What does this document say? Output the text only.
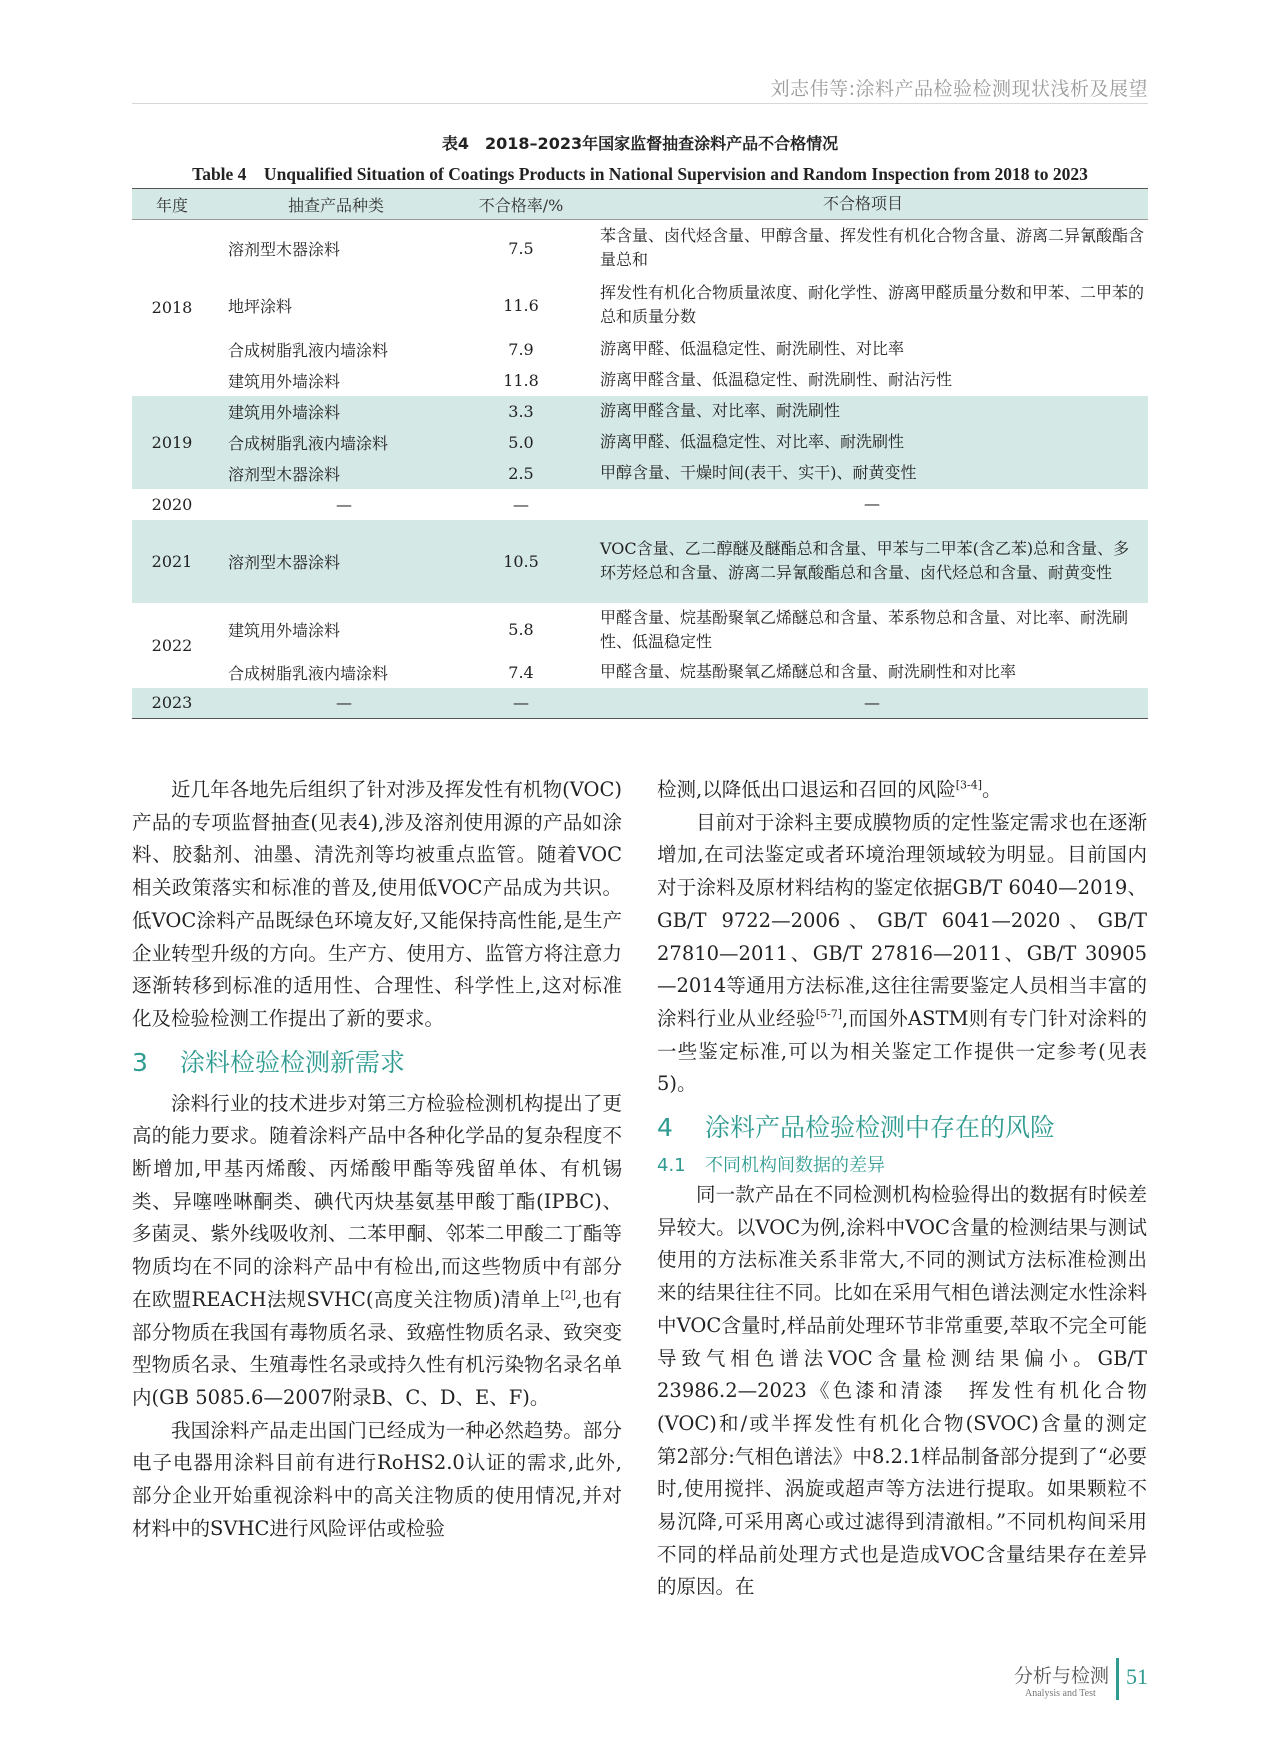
刘志伟等:涂料产品检验检测现状浅析及展望
表4　2018–2023年国家监督抽查涂料产品不合格情况
Table 4　Unqualified Situation of Coatings Products in National Supervision and Random Inspection from 2018 to 2023
年度	抽查产品种类	不合格率/%	不合格项目
2018	溶剂型木器涂料	7.5	苯含量、卤代烃含量、甲醇含量、挥发性有机化合物含量、游离二异氰酸酯含量总和
	地坪涂料	11.6	挥发性有机化合物质量浓度、耐化学性、游离甲醛质量分数和甲苯、二甲苯的总和质量分数
	合成树脂乳液内墙涂料	7.9	游离甲醛、低温稳定性、耐洗刷性、对比率
	建筑用外墙涂料	11.8	游离甲醛含量、低温稳定性、耐洗刷性、耐沾污性
2019	建筑用外墙涂料	3.3	游离甲醛含量、对比率、耐洗刷性
	合成树脂乳液内墙涂料	5.0	游离甲醛、低温稳定性、对比率、耐洗刷性
	溶剂型木器涂料	2.5	甲醇含量、干燥时间(表干、实干)、耐黄变性
2020	—	—	—
2021	溶剂型木器涂料	10.5	VOC含量、乙二醇醚及醚酯总和含量、甲苯与二甲苯(含乙苯)总和含量、多环芳烃总和含量、游离二异氰酸酯总和含量、卤代烃总和含量、耐黄变性
2022	建筑用外墙涂料	5.8	甲醛含量、烷基酚聚氧乙烯醚总和含量、苯系物总和含量、对比率、耐洗刷性、低温稳定性
	合成树脂乳液内墙涂料	7.4	甲醛含量、烷基酚聚氧乙烯醚总和含量、耐洗刷性和对比率
2023	—	—	—

近几年各地先后组织了针对涉及挥发性有机物(VOC)产品的专项监督抽查(见表4),涉及溶剂使用源的产品如涂料、胶黏剂、油墨、清洗剂等均被重点监管。随着VOC相关政策落实和标准的普及,使用低VOC产品成为共识。低VOC涂料产品既绿色环境友好,又能保持高性能,是生产企业转型升级的方向。生产方、使用方、监管方将注意力逐渐转移到标准的适用性、合理性、科学性上,这对标准化及检验检测工作提出了新的要求。

3 涂料检验检测新需求

涂料行业的技术进步对第三方检验检测机构提出了更高的能力要求。随着涂料产品中各种化学品的复杂程度不断增加,甲基丙烯酸、丙烯酸甲酯等残留单体、有机锡类、异噻唑啉酮类、碘代丙炔基氨基甲酸丁酯(IPBC)、多菌灵、紫外线吸收剂、二苯甲酮、邻苯二甲酸二丁酯等物质均在不同的涂料产品中有检出,而这些物质中有部分在欧盟REACH法规SVHC(高度关注物质)清单上[2],也有部分物质在我国有毒物质名录、致癌性物质名录、致突变型物质名录、生殖毒性名录或持久性有机污染物名录名单内(GB 5085.6—2007附录B、C、D、E、F)。

我国涂料产品走出国门已经成为一种必然趋势。部分电子电器用涂料目前有进行RoHS2.0认证的需求,此外,部分企业开始重视涂料中的高关注物质的使用情况,并对材料中的SVHC进行风险评估或检验

检测,以降低出口退运和召回的风险[3-4]。

目前对于涂料主要成膜物质的定性鉴定需求也在逐渐增加,在司法鉴定或者环境治理领域较为明显。目前国内对于涂料及原材料结构的鉴定依据GB/T 6040—2019、GB/T 9722—2006、GB/T 6041—2020、GB/T 27810—2011、GB/T 27816—2011、GB/T 30905—2014等通用方法标准,这往往需要鉴定人员相当丰富的涂料行业从业经验[5-7],而国外ASTM则有专门针对涂料的一些鉴定标准,可以为相关鉴定工作提供一定参考(见表5)。

4 涂料产品检验检测中存在的风险
4.1 不同机构间数据的差异

同一款产品在不同检测机构检验得出的数据有时候差异较大。以VOC为例,涂料中VOC含量的检测结果与测试使用的方法标准关系非常大,不同的测试方法标准检测出来的结果往往不同。比如在采用气相色谱法测定水性涂料中VOC含量时,样品前处理环节非常重要,萃取不完全可能导致气相色谱法VOC含量检测结果偏小。GB/T 23986.2—2023《色漆和清漆　挥发性有机化合物(VOC)和/或半挥发性有机化合物(SVOC)含量的测定　第2部分:气相色谱法》中8.2.1样品制备部分提到了“必要时,使用搅拌、涡旋或超声等方法进行提取。如果颗粒不易沉降,可采用离心或过滤得到清澈相。”不同机构间采用不同的样品前处理方式也是造成VOC含量结果存在差异的原因。在

分析与检测
Analysis and Test
51
